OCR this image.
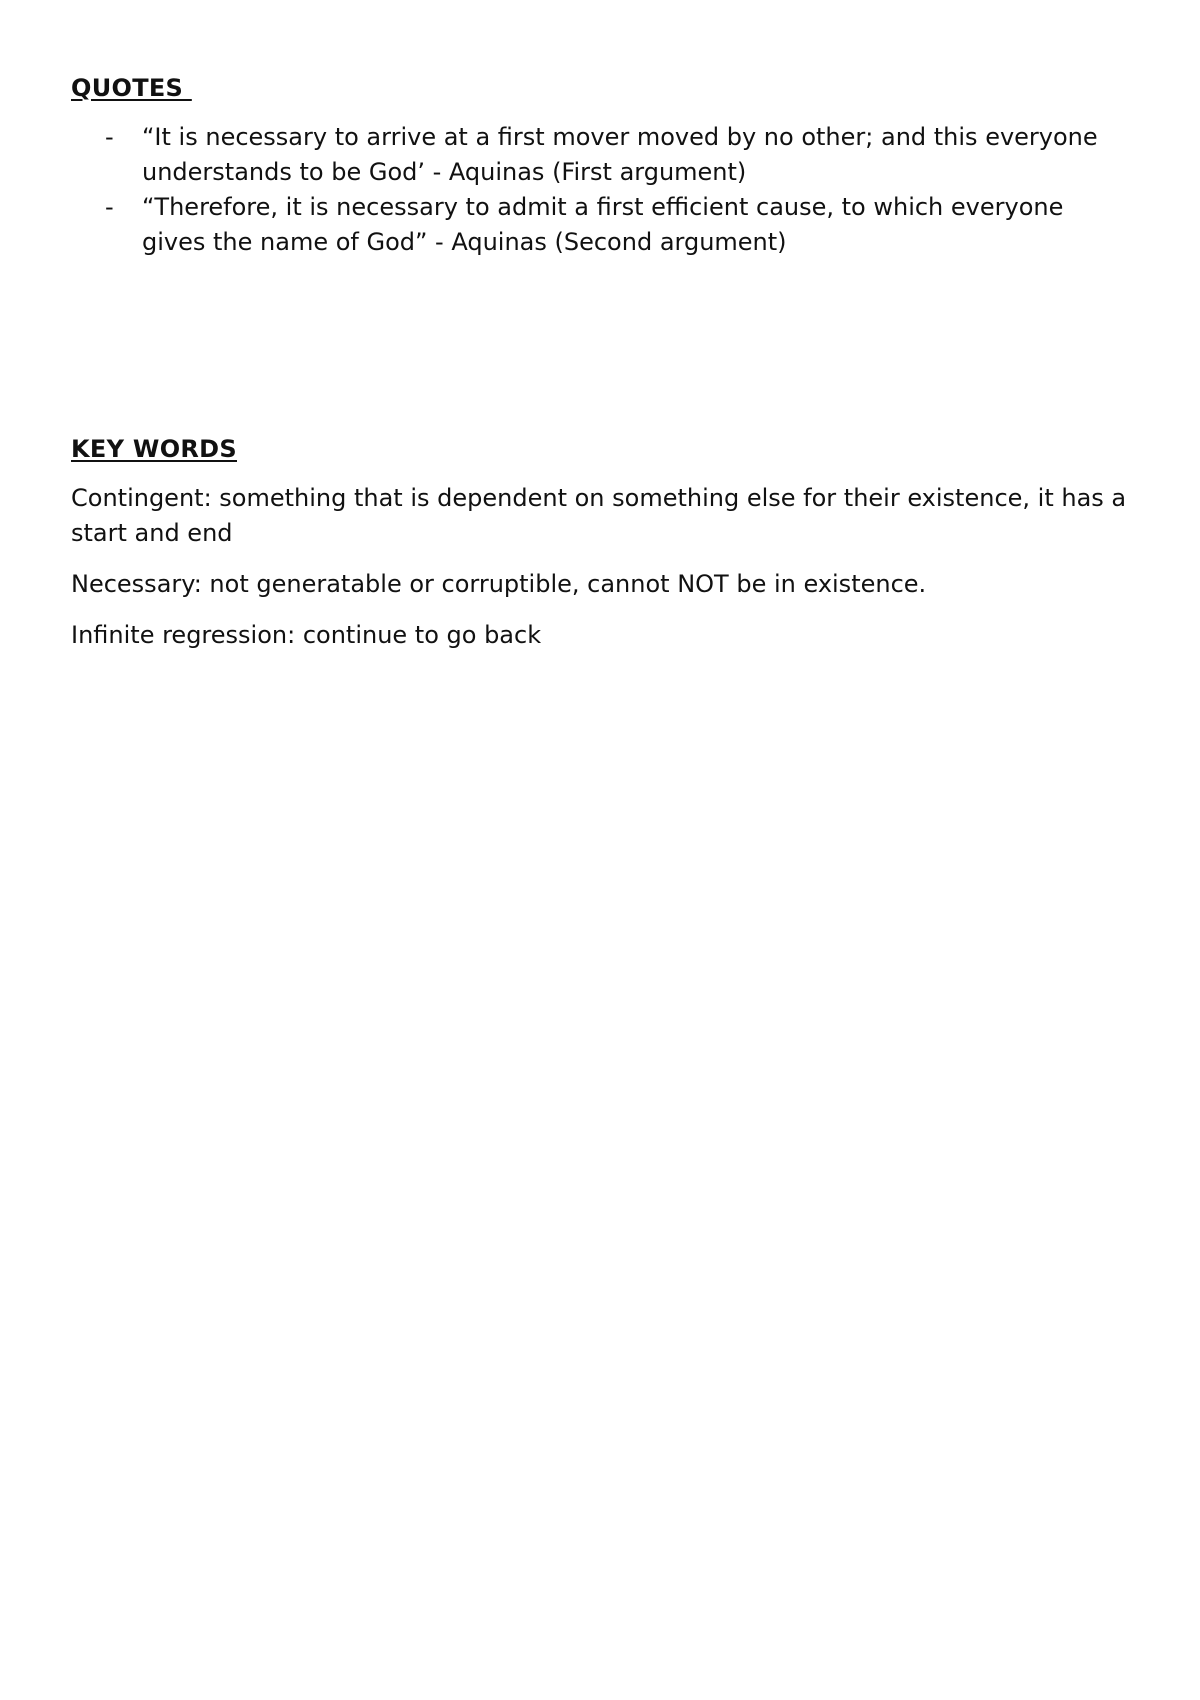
QUOTES
- “It is necessary to arrive at a first mover moved by no other; and this everyone understands to be God’ - Aquinas (First argument)
- “Therefore, it is necessary to admit a first efficient cause, to which everyone gives the name of God” - Aquinas (Second argument)
KEY WORDS

Contingent: something that is dependent on something else for their existence, it has a start and end

Necessary: not generatable or corruptible, cannot NOT be in existence.

Infinite regression: continue to go back
